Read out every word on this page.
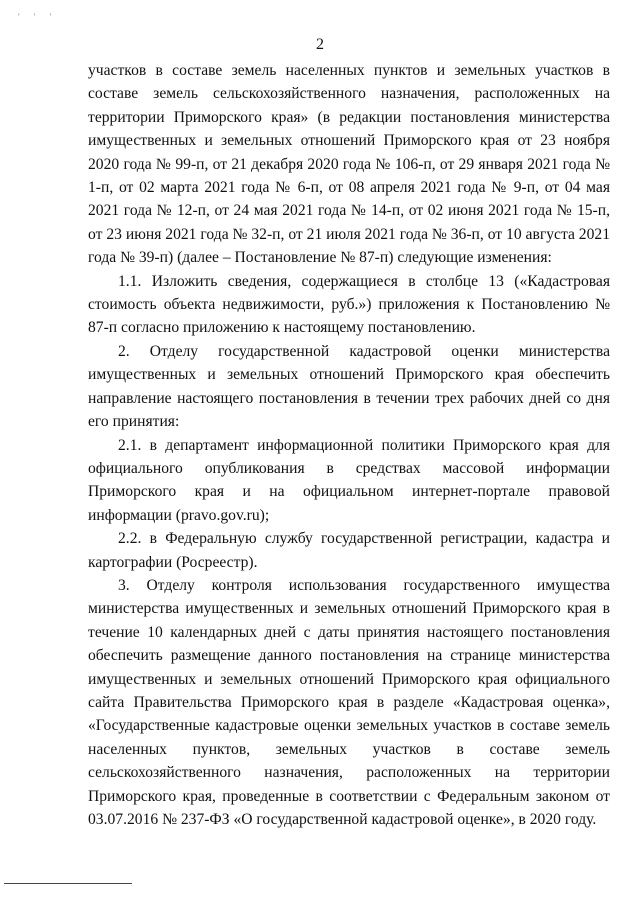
' ' '
2

участков в составе земель населенных пунктов и земельных участков в составе земель сельскохозяйственного назначения, расположенных на территории Приморского края» (в редакции постановления министерства имущественных и земельных отношений Приморского края от 23 ноября 2020 года № 99-п, от 21 декабря 2020 года № 106-п, от 29 января 2021 года № 1-п, от 02 марта 2021 года № 6-п, от 08 апреля 2021 года № 9-п, от 04 мая 2021 года № 12-п, от 24 мая 2021 года № 14-п, от 02 июня 2021 года № 15-п, от 23 июня 2021 года № 32-п, от 21 июля 2021 года № 36-п, от 10 августа 2021 года № 39-п) (далее – Постановление № 87-п) следующие изменения:

1.1. Изложить сведения, содержащиеся в столбце 13 («Кадастровая стоимость объекта недвижимости, руб.») приложения к Постановлению № 87-п согласно приложению к настоящему постановлению.

2. Отделу государственной кадастровой оценки министерства имущественных и земельных отношений Приморского края обеспечить направление настоящего постановления в течении трех рабочих дней со дня его принятия:

2.1. в департамент информационной политики Приморского края для официального опубликования в средствах массовой информации Приморского края и на официальном интернет-портале правовой информации (pravo.gov.ru);

2.2. в Федеральную службу государственной регистрации, кадастра и картографии (Росреестр).

3. Отделу контроля использования государственного имущества министерства имущественных и земельных отношений Приморского края в течение 10 календарных дней с даты принятия настоящего постановления обеспечить размещение данного постановления на странице министерства имущественных и земельных отношений Приморского края официального сайта Правительства Приморского края в разделе «Кадастровая оценка», «Государственные кадастровые оценки земельных участков в составе земель населенных пунктов, земельных участков в составе земель сельскохозяйственного назначения, расположенных на территории Приморского края, проведенные в соответствии с Федеральным законом от 03.07.2016 № 237-ФЗ «О государственной кадастровой оценке», в 2020 году.
